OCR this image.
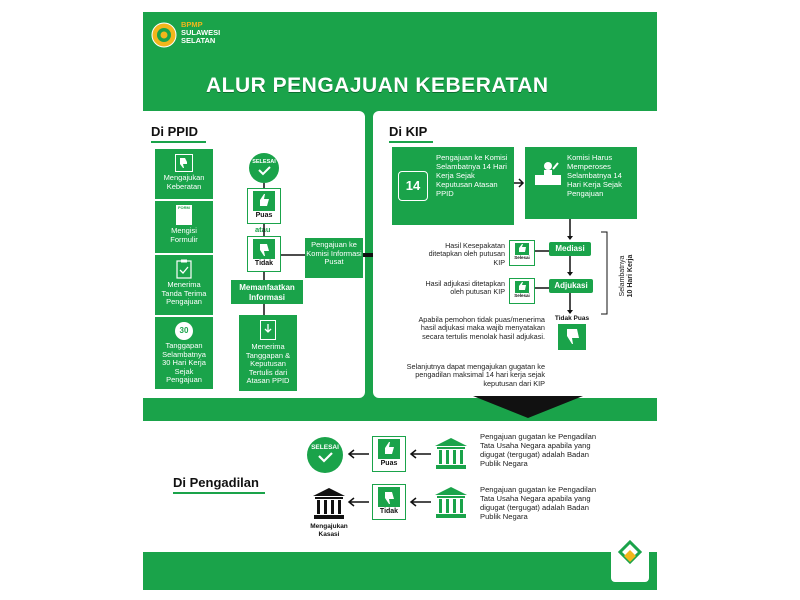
BPMP
SULAWESI
SELATAN
ALUR PENGAJUAN KEBERATAN
Di PPID
Mengajukan Keberatan
FORM
Mengisi Formulir
Menerima Tanda Terima Pengajuan
30
Tanggapan Selambatnya 30 Hari Kerja Sejak Pengajuan
SELESAI
Puas
atau
Tidak
Memanfaatkan Informasi
Menerima Tanggapan & Keputusan Tertulis dari Atasan PPID
Pengajuan ke Komisi Informasi Pusat
Di KIP
14
Pengajuan ke Komisi Selambatnya 14 Hari Kerja Sejak Keputusan Atasan PPID
Komisi Harus Memperoses Selambatnya 14 Hari Kerja Sejak Pengajuan
Hasil Kesepakatan ditetapkan oleh putusan KIP
Selesai
Mediasi
Hasil adjukasi ditetapkan oleh putusan KIP	Selesai
Adjukasi	Selambatnya
10 Hari Kerja
Tidak Puas
Apabila pemohon tidak puas/menerima hasil adjukasi maka wajib menyatakan secara tertulis menolak hasil adjukasi.
Selanjutnya dapat mengajukan gugatan ke pengadilan maksimal 14 hari kerja sejak keputusan dari KIP
Di Pengadilan
SELESAI
Puas
Pengajuan gugatan ke Pengadilan Tata Usaha Negara apabila yang digugat (tergugat) adalah Badan Publik Negara
Mengajukan Kasasi
Tidak
Pengajuan gugatan ke Pengadilan Tata Usaha Negara apabila yang digugat (tergugat) adalah Badan Publik Negara
